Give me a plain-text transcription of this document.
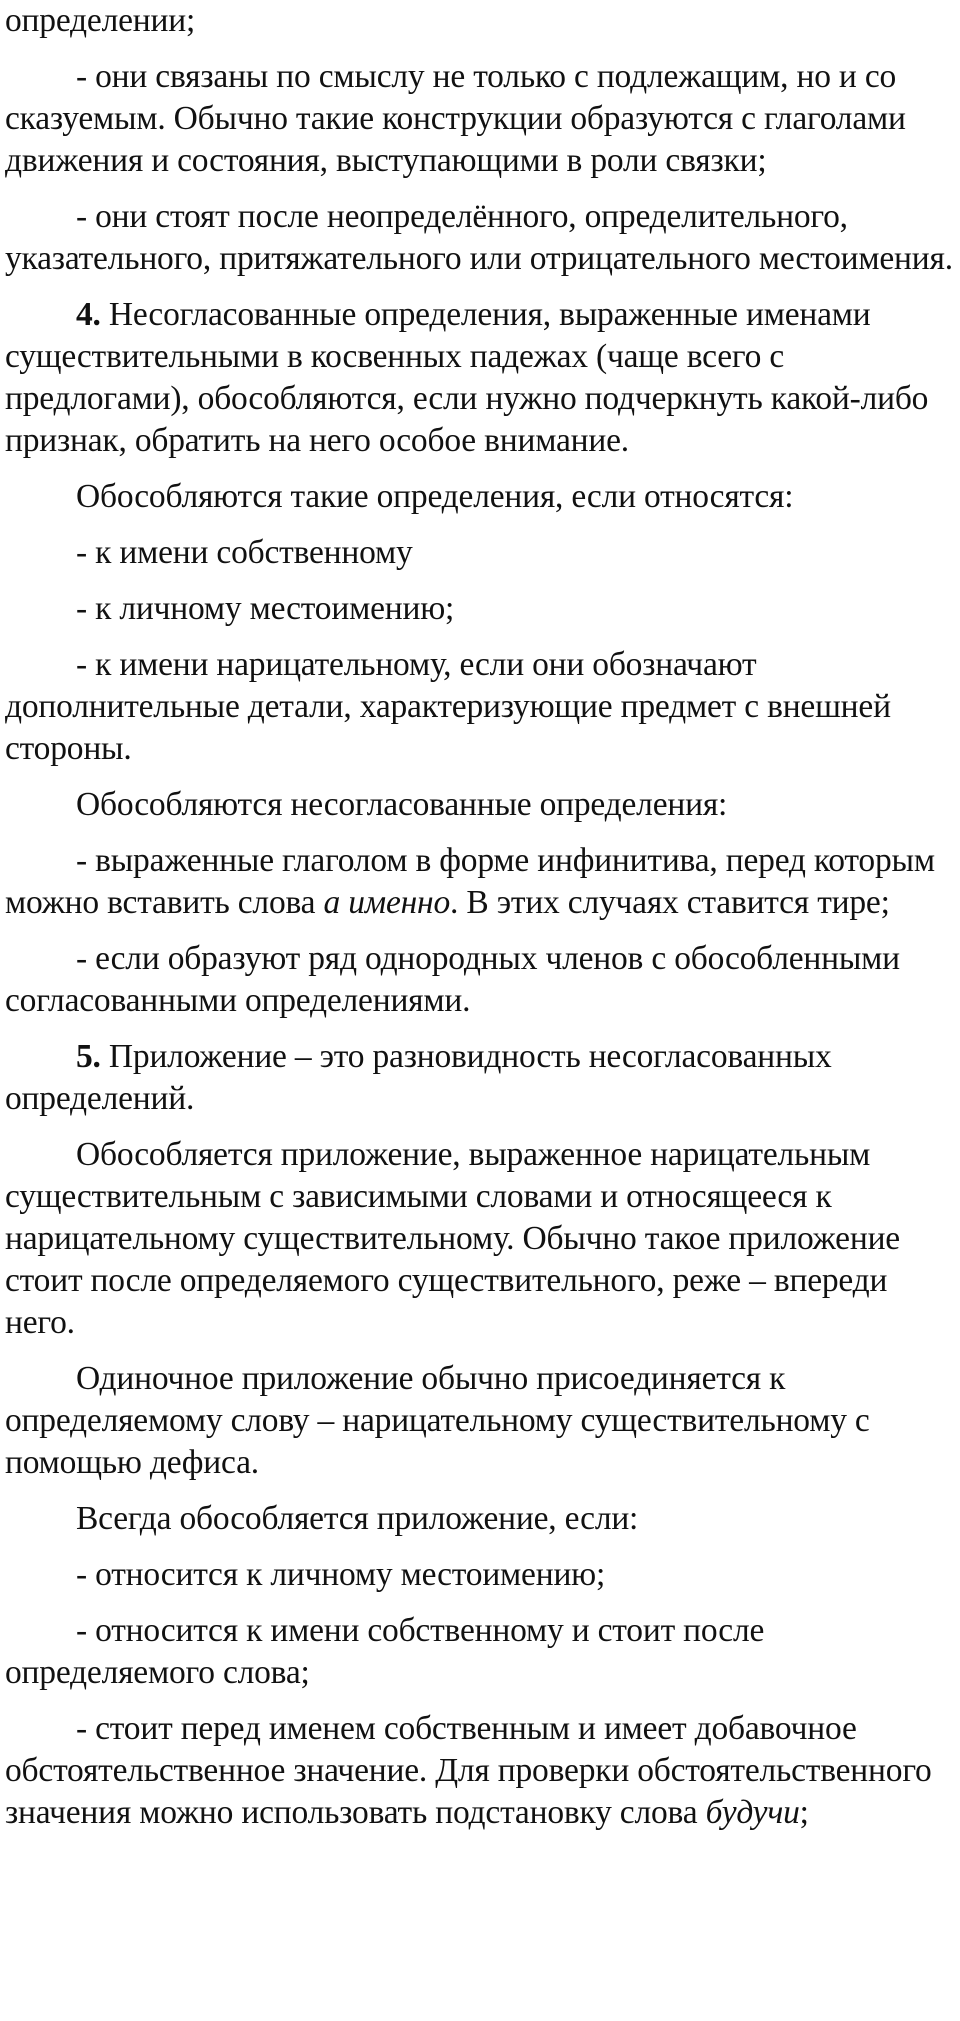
определении;

- они связаны по смыслу не только с подлежащим, но и со сказуемым. Обычно такие конструкции образуются с глаголами движения и состояния, выступающими в роли связки;

- они стоят после неопределённого, определительного, указательного, притяжательного или отрицательного местоимения.

4. Несогласованные определения, выраженные именами существительными в косвенных падежах (чаще всего с предлогами), обособляются, если нужно подчеркнуть какой-либо признак, обратить на него особое внимание.

Обособляются такие определения, если относятся:

- к имени собственному

- к личному местоимению;

- к имени нарицательному, если они обозначают дополнительные детали, характеризующие предмет с внешней стороны.

Обособляются несогласованные определения:

- выраженные глаголом в форме инфинитива, перед которым можно вставить слова а именно. В этих случаях ставится тире;

- если образуют ряд однородных членов с обособленными согласованными определениями.

5. Приложение – это разновидность несогласованных определений.

Обособляется приложение, выраженное нарицательным существительным с зависимыми словами и относящееся к нарицательному существительному. Обычно такое приложение стоит после определяемого существительного, реже – впереди него.

Одиночное приложение обычно присоединяется к определяемому слову – нарицательному существительному с помощью дефиса.

Всегда обособляется приложение, если:

- относится к личному местоимению;

- относится к имени собственному и стоит после определяемого слова;

- стоит перед именем собственным и имеет добавочное обстоятельственное значение. Для проверки обстоятельственного значения можно использовать подстановку слова будучи;
